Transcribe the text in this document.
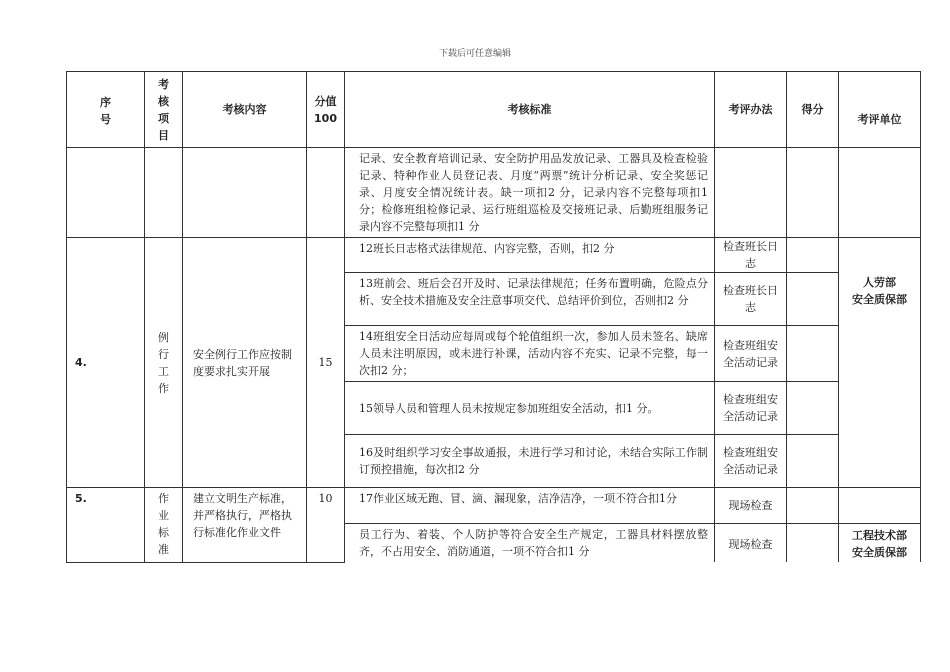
下载后可任意编辑
序号	考核项目	考核内容	分值100	考核标准	考评办法	得分	考评单位
				记录、安全教育培训记录、安全防护用品发放记录、工器具及检查检验记录、特种作业人员登记表、月度“两票”统计分析记录、安全奖惩记录、月度安全情况统计表。缺一项扣2 分，记录内容不完整每项扣1 分；检修班组检修记录、运行班组巡检及交接班记录、后勤班组服务记录内容不完整每项扣1 分			
4.	例行工作	安全例行工作应按制度要求扎实开展	15	12班长日志格式法律规范、内容完整，否则，扣2 分	检查班长日志		人劳部
安全质保部
				13班前会、班后会召开及时、记录法律规范；任务布置明确，危险点分析、安全技术措施及安全注意事项交代、总结评价到位，否则扣2 分	检查班长日志		
				14班组安全日活动应每周或每个轮值组织一次，参加人员未签名、缺席人员未注明原因，或未进行补课，活动内容不充实、记录不完整，每一次扣2 分；	检查班组安全活动记录		
				15领导人员和管理人员未按规定参加班组安全活动，扣1 分。	检查班组安全活动记录		
				16及时组织学习安全事故通报，未进行学习和讨论，未结合实际工作制订预控措施，每次扣2 分	检查班组安全活动记录		
5.	作业标准	建立文明生产标准，并严格执行，严格执行标准化作业文件	10	17作业区域无跑、冒、滴、漏现象，洁净洁净，一项不符合扣1分	现场检查		
				员工行为、着装、个人防护等符合安全生产规定，工器具材料摆放整齐，不占用安全、消防通道，一项不符合扣1 分	现场检查		工程技术部
安全质保部
